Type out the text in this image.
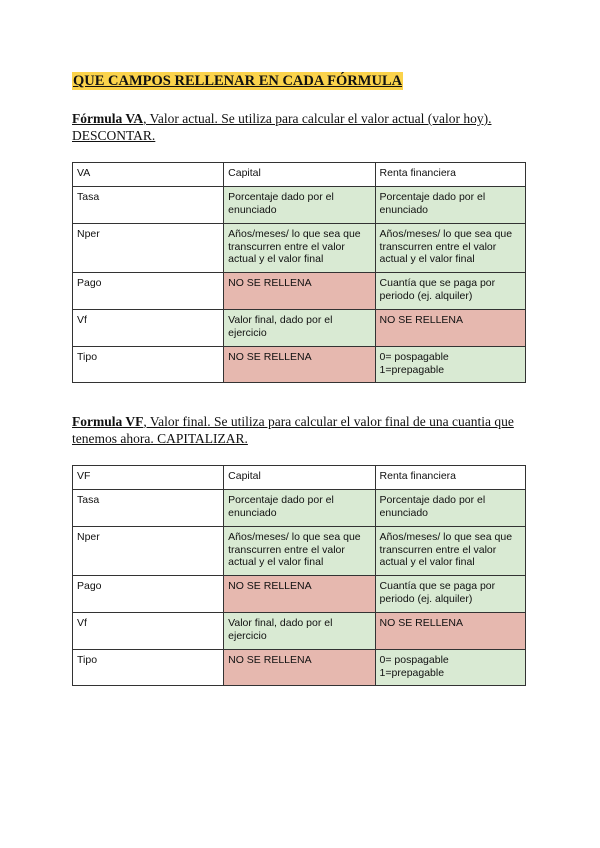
QUE CAMPOS RELLENAR EN CADA FÓRMULA
Fórmula VA, Valor actual. Se utiliza para calcular el valor actual (valor hoy). DESCONTAR.
VA	Capital	Renta financiera
Tasa	Porcentaje dado por el enunciado	Porcentaje dado por el enunciado
Nper	Años/meses/ lo que sea que transcurren entre el valor actual y el valor final	Años/meses/ lo que sea que transcurren entre el valor actual y el valor final
Pago	NO SE RELLENA	Cuantía que se paga por periodo (ej. alquiler)
Vf	Valor final, dado por el ejercicio	NO SE RELLENA
Tipo	NO SE RELLENA	0= pospagable
1=prepagable
Formula VF, Valor final. Se utiliza para calcular el valor final de una cuantia que tenemos ahora. CAPITALIZAR.
VF	Capital	Renta financiera
Tasa	Porcentaje dado por el enunciado	Porcentaje dado por el enunciado
Nper	Años/meses/ lo que sea que transcurren entre el valor actual y el valor final	Años/meses/ lo que sea que transcurren entre el valor actual y el valor final
Pago	NO SE RELLENA	Cuantía que se paga por periodo (ej. alquiler)
Vf	Valor final, dado por el ejercicio	NO SE RELLENA
Tipo	NO SE RELLENA	0= pospagable
1=prepagable
